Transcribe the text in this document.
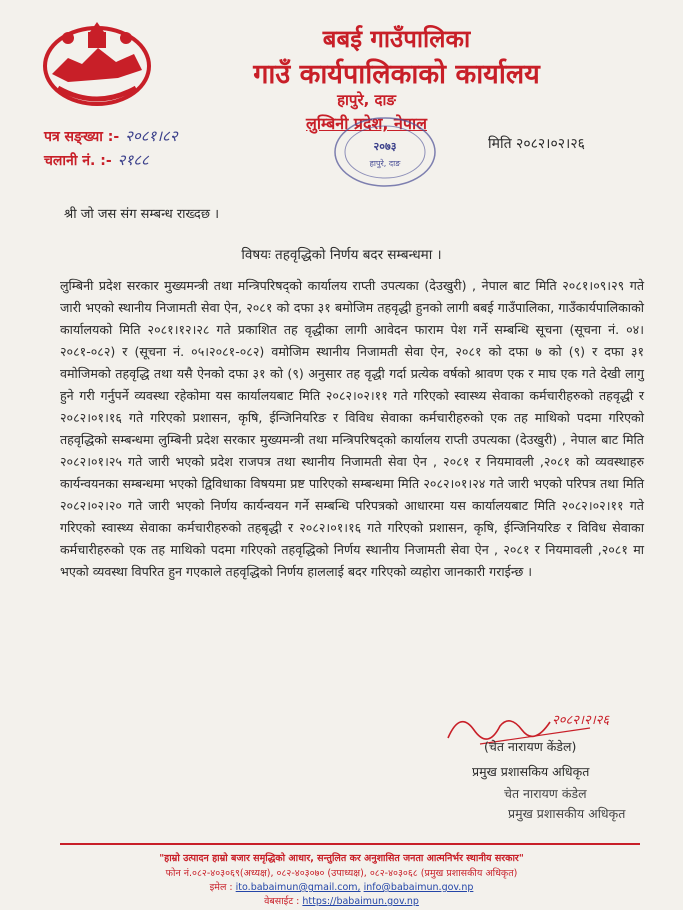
बबई गाउँपालिका
गाउँ कार्यपालिकाको कार्यालय
हापुरे, दाङ
लुम्बिनी प्रदेश, नेपाल
२०७३
हापुरे, दाङ
पत्र सङ्ख्या :- २०८१।८२
चलानी नं. :- २१८८
मिति २०८२।०२।२६
श्री जो जस संग सम्बन्ध राख्दछ ।
विषयः तहवृद्धिको निर्णय बदर सम्बन्धमा ।
लुम्बिनी प्रदेश सरकार मुख्यमन्त्री तथा मन्त्रिपरिषद्को कार्यालय राप्ती उपत्यका (देउखुरी) , नेपाल बाट मिति २०८१।०९।२९ गते जारी भएको स्थानीय निजामती सेवा ऐन, २०८१ को दफा ३१ बमोजिम तहवृद्धी हुनको लागी बबई गाउँपालिका, गाउँकार्यपालिकाको कार्यालयको मिति २०८१।१२।२८ गते प्रकाशित तह वृद्धीका लागी आवेदन फाराम पेश गर्ने सम्बन्धि सूचना (सूचना नं. ०४।२०८१-०८२) र (सूचना नं. ०५।२०८१-०८२) वमोजिम स्थानीय निजामती सेवा ऐन, २०८१ को दफा ७ को (९) र दफा ३१ वमोजिमको तहवृद्धि तथा यसै ऐनको दफा ३१ को (९) अनुसार तह वृद्धी गर्दा प्रत्येक वर्षको श्रावण एक र माघ एक गते देखी लागु हुने गरी गर्नुपर्ने व्यवस्था रहेकोमा यस कार्यालयबाट मिति २०८२।०२।११ गते गरिएको स्वास्थ्य सेवाका कर्मचारीहरुको तहवृद्धी र २०८२।०१।१६ गते गरिएको प्रशासन, कृषि, ईन्जिनियरिङ र विविध सेवाका कर्मचारीहरुको एक तह माथिको पदमा गरिएको तहवृद्धिको सम्बन्धमा लुम्बिनी प्रदेश सरकार मुख्यमन्त्री तथा मन्त्रिपरिषद्को कार्यालय राप्ती उपत्यका (देउखुरी) , नेपाल बाट मिति २०८२।०१।२५ गते जारी भएको प्रदेश राजपत्र तथा स्थानीय निजामती सेवा ऐन , २०८१ र नियमावली ,२०८१ को व्यवस्थाहरु कार्यन्वयनका सम्बन्धमा भएको द्विविधाका विषयमा प्रष्ट पारिएको सम्बन्धमा मिति २०८२।०१।२४ गते जारी भएको परिपत्र तथा मिति २०८२।०२।२० गते जारी भएको निर्णय कार्यन्वयन गर्ने सम्बन्धि परिपत्रको आधारमा यस कार्यालयबाट मिति २०८२।०२।११ गते गरिएको स्वास्थ्य सेवाका कर्मचारीहरुको तहबृद्धी र २०८२।०१।१६ गते गरिएको प्रशासन, कृषि, ईन्जिनियरिङ र विविध सेवाका कर्मचारीहरुको एक तह माथिको पदमा गरिएको तहवृद्धिको निर्णय स्थानीय निजामती सेवा ऐन , २०८१ र नियमावली ,२०८१ मा भएको व्यवस्था विपरित हुन गएकाले तहवृद्धिको निर्णय हाललाई बदर गरिएको व्यहोरा जानकारी गराईन्छ ।
२०८२।२।२६
(चेत नारायण केंडेल)
प्रमुख प्रशासकिय अधिकृत
चेत नारायण कंडेल
प्रमुख प्रशासकीय अधिकृत
"हाम्रो उत्पादन हाम्रो बजार समृद्धिको आधार, सन्तुलित कर अनुशासित जनता आत्मनिर्भर स्थानीय सरकार"
फोन नं.०८२-४०३०६९(अध्यक्ष), ०८२-४०३०७० (उपाध्यक्ष), ०८२-४०३०६८ (प्रमुख प्रशासकीय अधिकृत)
इमेल : ito.babaimun@gmail.com, info@babaimun.gov.np
वेबसाईट : https://babaimun.gov.np
